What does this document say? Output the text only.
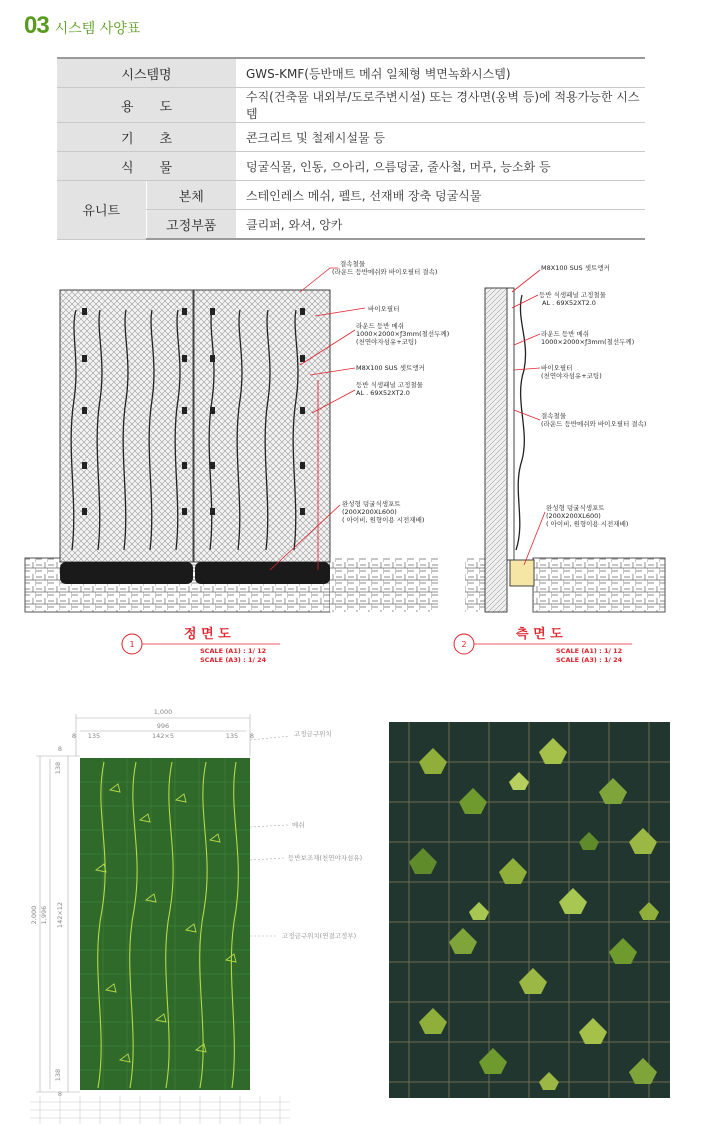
03 시스템 사양표
시스템명		GWS-KMF(등반매트 메쉬 일체형 벽면녹화시스템)
용　　도		수직(건축물 내외부/도로주변시설) 또는 경사면(옹벽 등)에 적용가능한 시스템
기　　초		콘크리트 및 철제시설물 등
식　　물		덩굴식물, 인동, 으아리, 으름덩굴, 줄사철, 머루, 능소화 등
유니트	본체	스테인레스 메쉬, 펠트, 선재배 장축 덩굴식물
	고정부품	클리퍼, 와셔, 앙카
결속철물
(라운드 등반메쉬와 바이오필터 결속)
바이오필터
라운드 등반 메쉬
1000×2000×ƒ3mm(철선두께)
(천연야자섬유+코팅)
M8X100 SUS 셋트앵커
등반 식생패널 고정철물
AL . 69X52XT2.0
완성형 덩굴식생포트
(200X200XL600)
( 아이비, 원형이용 시전재배)
M8X100 SUS 셋트앵커
등반 식생패널 고정철물
AL . 69X52XT2.0
라운드 등반 메쉬
1000×2000×ƒ3mm(철선두께)
바이오필터
(천연야자섬유+코팅)
결속철물
(라운드 등반메쉬와 바이오필터 결속)
완성형 덩굴식생포트
(200X200XL600)
( 아이비, 원형이용 시전재배)
1
정 면 도
SCALE (A1) : 1/ 12
SCALE (A3) : 1/ 24
2
측 면 도
SCALE (A1) : 1/ 12
SCALE (A3) : 1/ 24
1,000
996
8 135	142×5	135 8
8
138
2,000 1,996 142×12
138
8
고정금구위치
메쉬
등반보조재(천연야자섬유)
고정금구위치(연결고정부)
